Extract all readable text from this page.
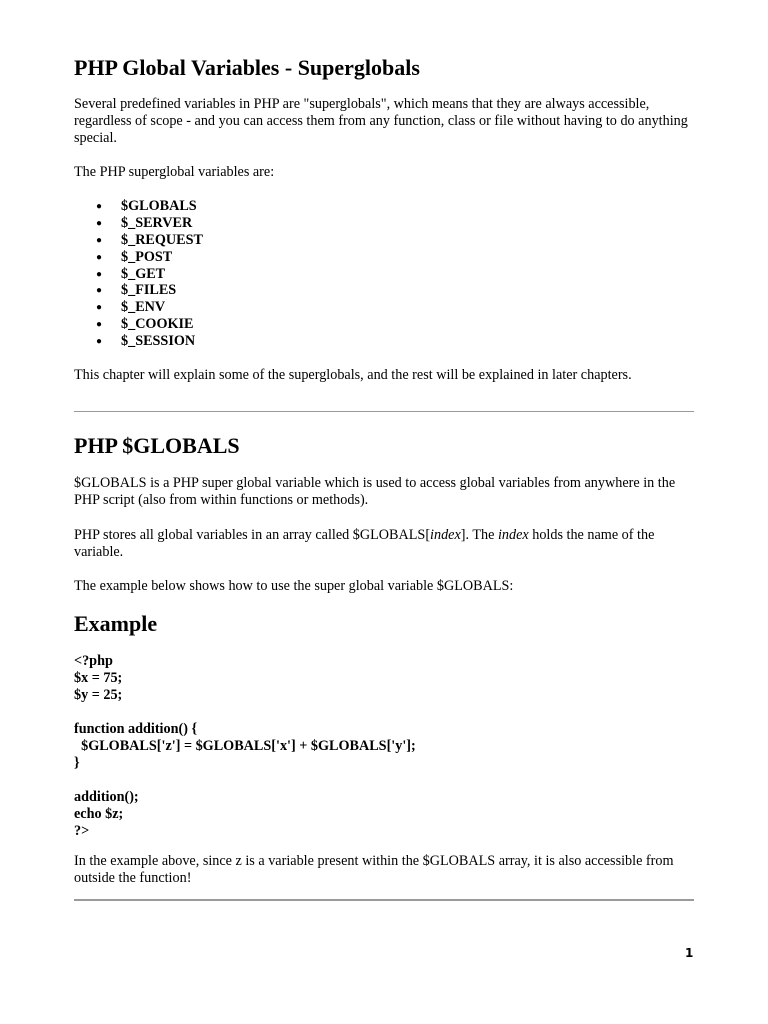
PHP Global Variables - Superglobals

Several predefined variables in PHP are "superglobals", which means that they are always accessible, regardless of scope - and you can access them from any function, class or file without having to do anything special.

The PHP superglobal variables are:

● $GLOBALS
● $_SERVER
● $_REQUEST
● $_POST
● $_GET
● $_FILES
● $_ENV
● $_COOKIE
● $_SESSION

This chapter will explain some of the superglobals, and the rest will be explained in later chapters.

PHP $GLOBALS

$GLOBALS is a PHP super global variable which is used to access global variables from anywhere in the PHP script (also from within functions or methods).

PHP stores all global variables in an array called $GLOBALS[index]. The index holds the name of the variable.

The example below shows how to use the super global variable $GLOBALS:

Example
<?php
$x = 75;
$y = 25;
function addition() {
$GLOBALS['z'] = $GLOBALS['x'] + $GLOBALS['y'];
}
addition();
echo $z;
?>

In the example above, since z is a variable present within the $GLOBALS array, it is also accessible from outside the function!

1
